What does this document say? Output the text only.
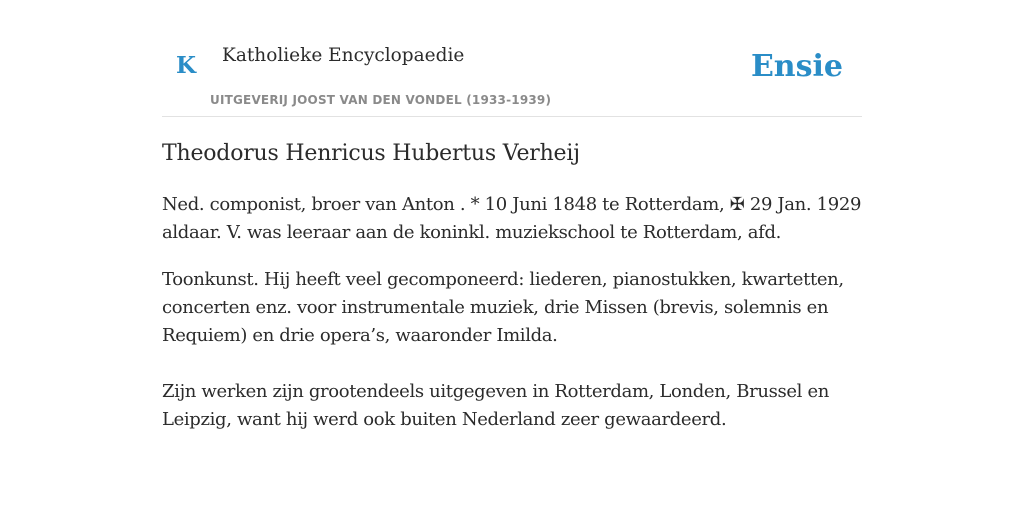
K Katholieke Encyclopaedie
UITGEVERIJ JOOST VAN DEN VONDEL (1933-1939)
Ensie
Theodorus Henricus Hubertus Verheij

Ned. componist, broer van Anton . * 10 Juni 1848 te Rotterdam, ✠ 29 Jan. 1929 aldaar. V. was leeraar aan de koninkl. muziekschool te Rotterdam, afd.

Toonkunst. Hij heeft veel gecomponeerd: liederen, pianostukken, kwartetten, concerten enz. voor instrumentale muziek, drie Missen (brevis, solemnis en Requiem) en drie opera’s, waaronder Imilda.

Zijn werken zijn grootendeels uitgegeven in Rotterdam, Londen, Brussel en Leipzig, want hij werd ook buiten Nederland zeer gewaardeerd.
